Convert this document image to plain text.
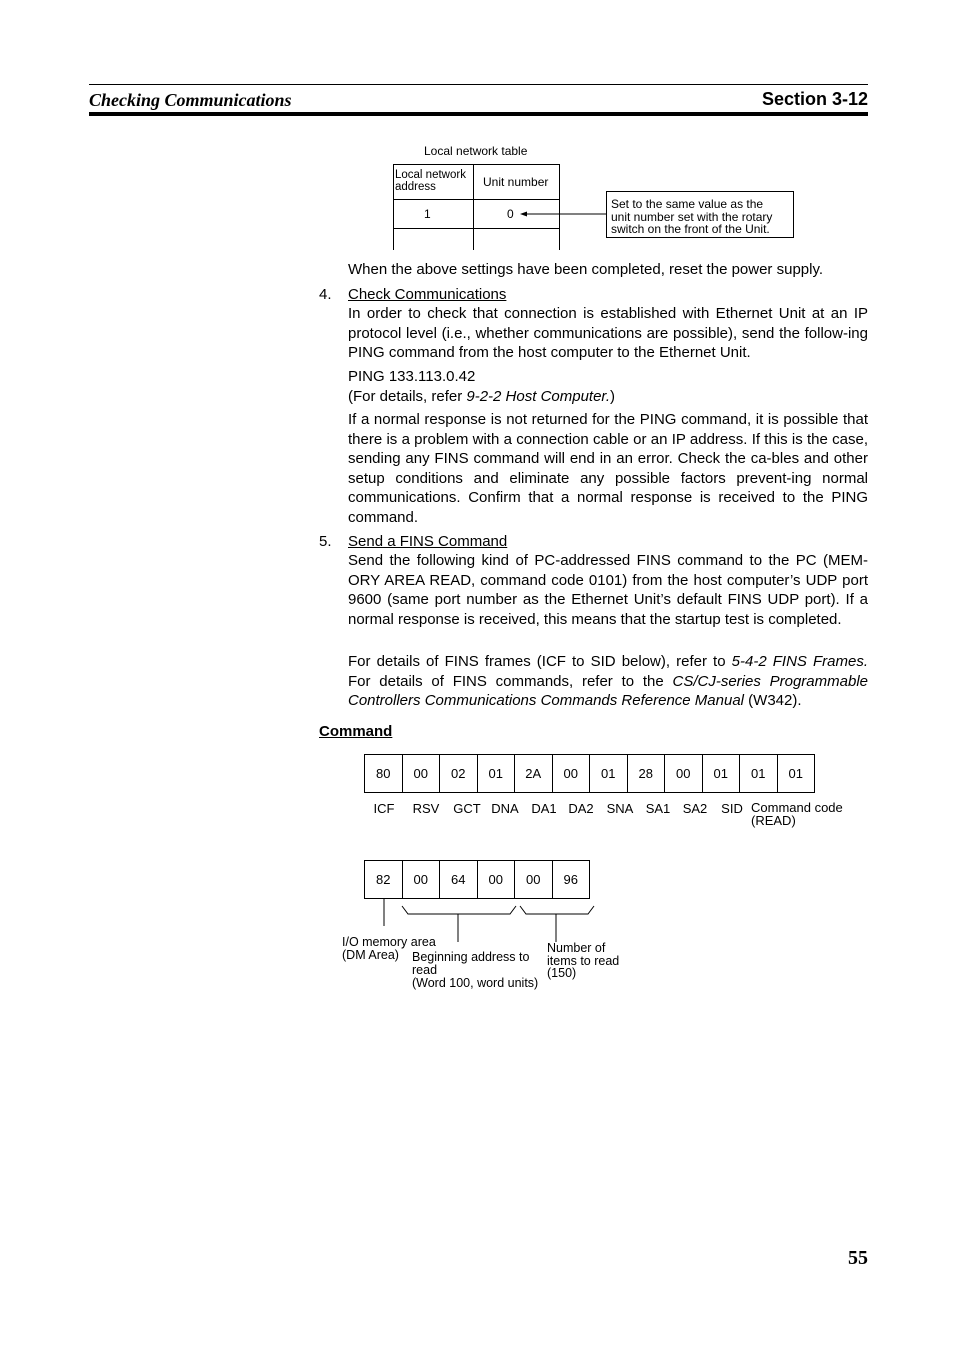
Checking Communications	Section 3-12
Local network table
Local network
address	Unit number
1	0
Set to the same value as the
unit number set with the rotary
switch on the front of the Unit.
When the above settings have been completed, reset the power supply.
4. Check Communications
In order to check that connection is established with Ethernet Unit at an IP protocol level (i.e., whether communications are possible), send the follow-ing PING command from the host computer to the Ethernet Unit.
PING 133.113.0.42
(For details, refer 9-2-2 Host Computer.)
If a normal response is not returned for the PING command, it is possible that there is a problem with a connection cable or an IP address. If this is the case, sending any FINS command will end in an error. Check the ca-bles and other setup conditions and eliminate any possible factors prevent-ing normal communications. Confirm that a normal response is received to the PING command.
5. Send a FINS Command
Send the following kind of PC-addressed FINS command to the PC (MEM-ORY AREA READ, command code 0101) from the host computer’s UDP port 9600 (same port number as the Ethernet Unit’s default FINS UDP port). If a normal response is received, this means that the startup test is completed.
For details of FINS frames (ICF to SID below), refer to 5-4-2 FINS Frames. For details of FINS commands, refer to the CS/CJ-series Programmable Controllers Communications Commands Reference Manual (W342).
Command
80	00	02	01	2A	00	01	28	00	01	01	01
ICF	RSV	GCT DNA DA1 DA2 SNA SA1 SA2	SID Command code
(READ)
82	00	64	00	00	96
I/O memory area
(DM Area)	Beginning address to
read
(Word 100, word units)
Number of
items to read
(150)
55
